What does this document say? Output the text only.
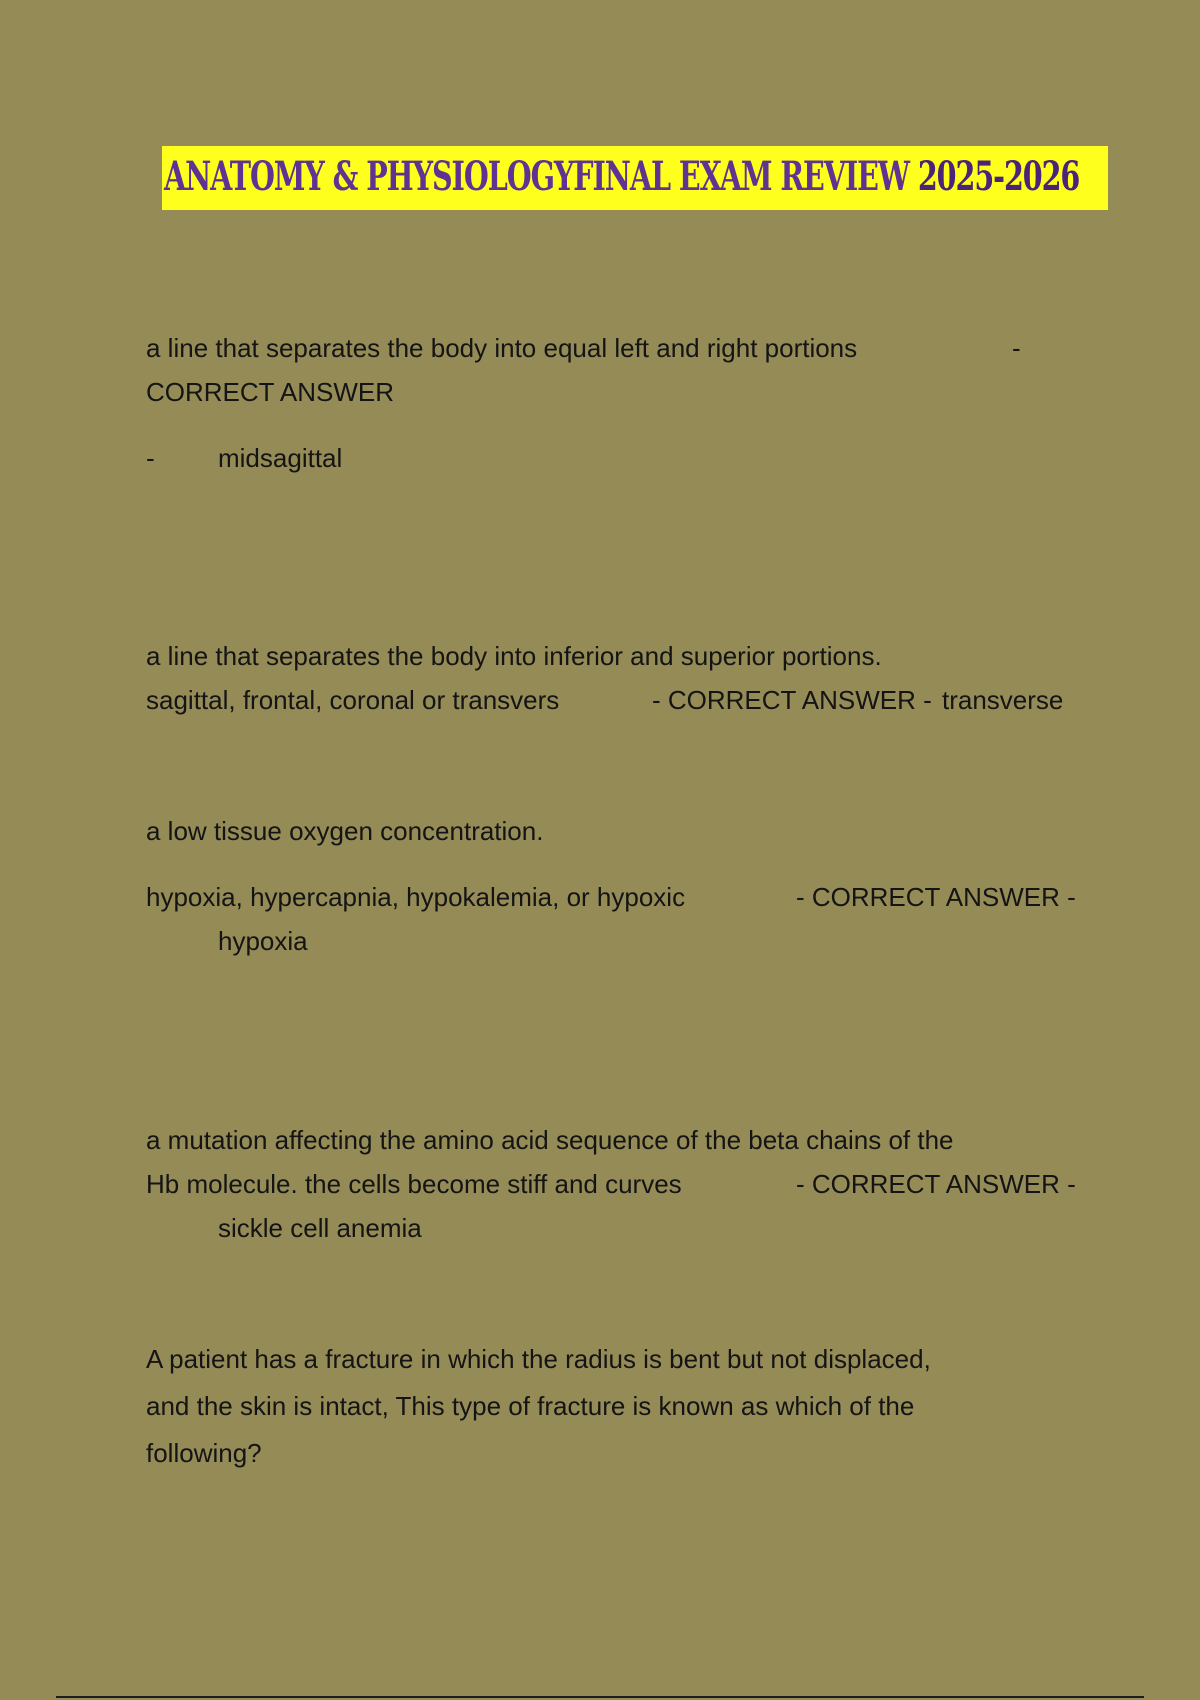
ANATOMY & PHYSIOLOGYFINAL EXAM REVIEW 2025-2026
a line that separates the body into equal left and right portions	-
CORRECT ANSWER
- midsagittal
a line that separates the body into inferior and superior portions.
sagittal, frontal, coronal or transvers	- CORRECT ANSWER - transverse
a low tissue oxygen concentration.
hypoxia, hypercapnia, hypokalemia, or hypoxic	- CORRECT ANSWER -
hypoxia
a mutation affecting the amino acid sequence of the beta chains of the
Hb molecule. the cells become stiff and curves	- CORRECT ANSWER -
sickle cell anemia
A patient has a fracture in which the radius is bent but not displaced,
and the skin is intact, This type of fracture is known as which of the
following?
